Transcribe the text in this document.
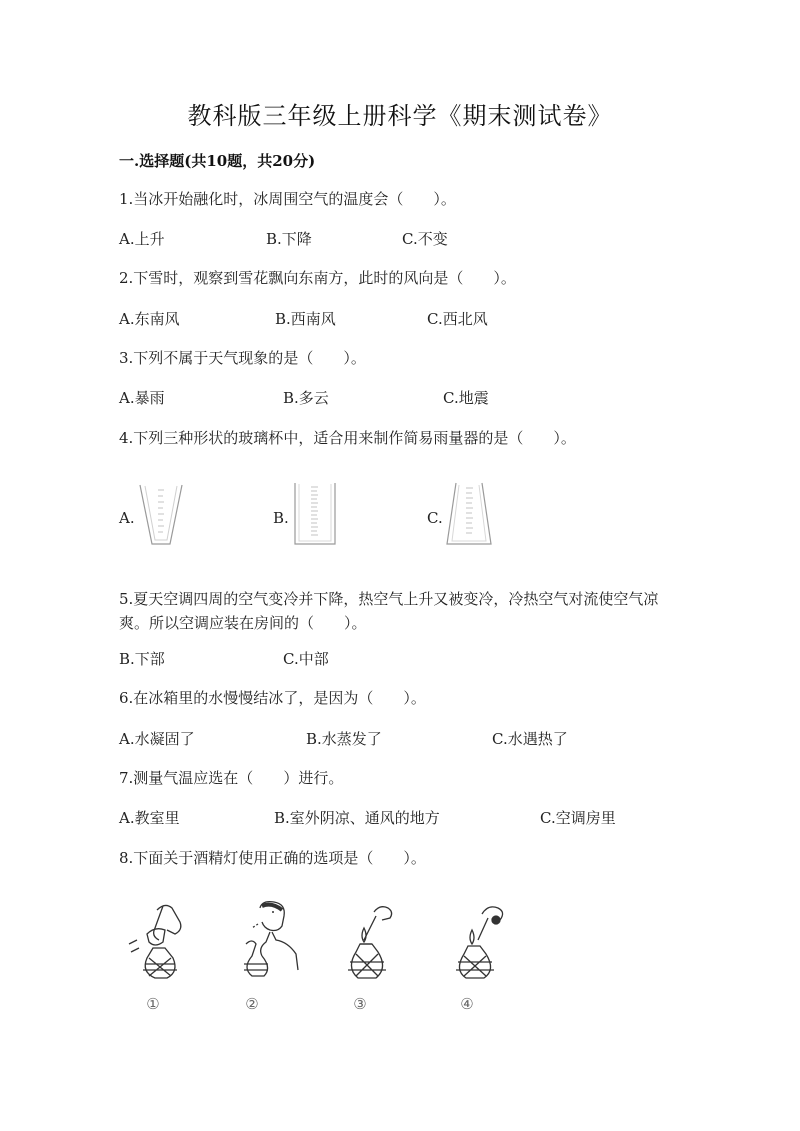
教科版三年级上册科学《期末测试卷》
一.选择题(共10题，共20分)
1.当冰开始融化时，冰周围空气的温度会（　　）。
A.上升	B.下降	C.不变
2.下雪时，观察到雪花飘向东南方，此时的风向是（　　）。
A.东南风	B.西南风	C.西北风
3.下列不属于天气现象的是（　　）。
A.暴雨	B.多云	C.地震
4.下列三种形状的玻璃杯中，适合用来制作简易雨量器的是（　　）。
A.	B.	C.
5.夏天空调四周的空气变冷并下降，热空气上升又被变冷，冷热空气对流使空气凉爽。所以空调应装在房间的（　　）。
B.下部	C.中部
6.在冰箱里的水慢慢结冰了，是因为（　　）。
A.水凝固了	B.水蒸发了	C.水遇热了
7.测量气温应选在（　　）进行。
A.教室里	B.室外阴凉、通风的地方	C.空调房里
8.下面关于酒精灯使用正确的选项是（　　）。
①	②	③	④
